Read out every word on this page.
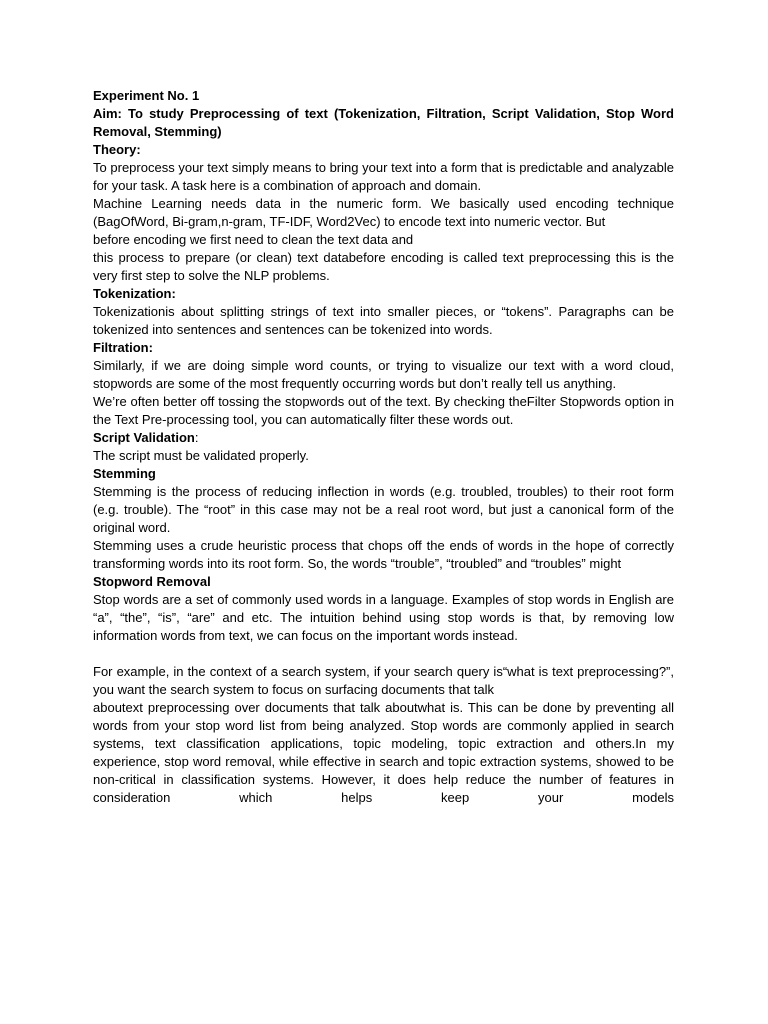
Experiment No. 1

Aim: To study Preprocessing of text (Tokenization, Filtration, Script Validation, Stop Word Removal, Stemming)

Theory:

To preprocess your text simply means to bring your text into a form that is predictable and analyzable for your task. A task here is a combination of approach and domain.

Machine Learning needs data in the numeric form. We basically used encoding technique (BagOfWord, Bi-gram,n-gram, TF-IDF, Word2Vec) to encode text into numeric vector. But

before encoding we first need to clean the text data and

this process to prepare (or clean) text databefore encoding is called text preprocessing this is the very first step to solve the NLP problems.

Tokenization:

Tokenizationis about splitting strings of text into smaller pieces, or “tokens”. Paragraphs can be tokenized into sentences and sentences can be tokenized into words.

Filtration:

Similarly, if we are doing simple word counts, or trying to visualize our text with a word cloud, stopwords are some of the most frequently occurring words but don’t really tell us anything.

We’re often better off tossing the stopwords out of the text. By checking theFilter Stopwords option in the Text Pre-processing tool, you can automatically filter these words out.

Script Validation:

The script must be validated properly.

Stemming

Stemming is the process of reducing inflection in words (e.g. troubled, troubles) to their root form (e.g. trouble). The “root” in this case may not be a real root word, but just a canonical form of the original word.

Stemming uses a crude heuristic process that chops off the ends of words in the hope of correctly transforming words into its root form. So, the words “trouble”, “troubled” and “troubles” might

Stopword Removal

Stop words are a set of commonly used words in a language. Examples of stop words in English are “a”, “the”, “is”, “are” and etc. The intuition behind using stop words is that, by removing low information words from text, we can focus on the important words instead.

For example, in the context of a search system, if your search query is“what is text preprocessing?”, you want the search system to focus on surfacing documents that talk

aboutext preprocessing over documents that talk aboutwhat is. This can be done by preventing all words from your stop word list from being analyzed. Stop words are commonly applied in search systems, text classification applications, topic modeling, topic extraction and others.In my experience, stop word removal, while effective in search and topic extraction systems, showed to be non-critical in classification systems. However, it does help reduce the number of features in consideration which helps keep your models
